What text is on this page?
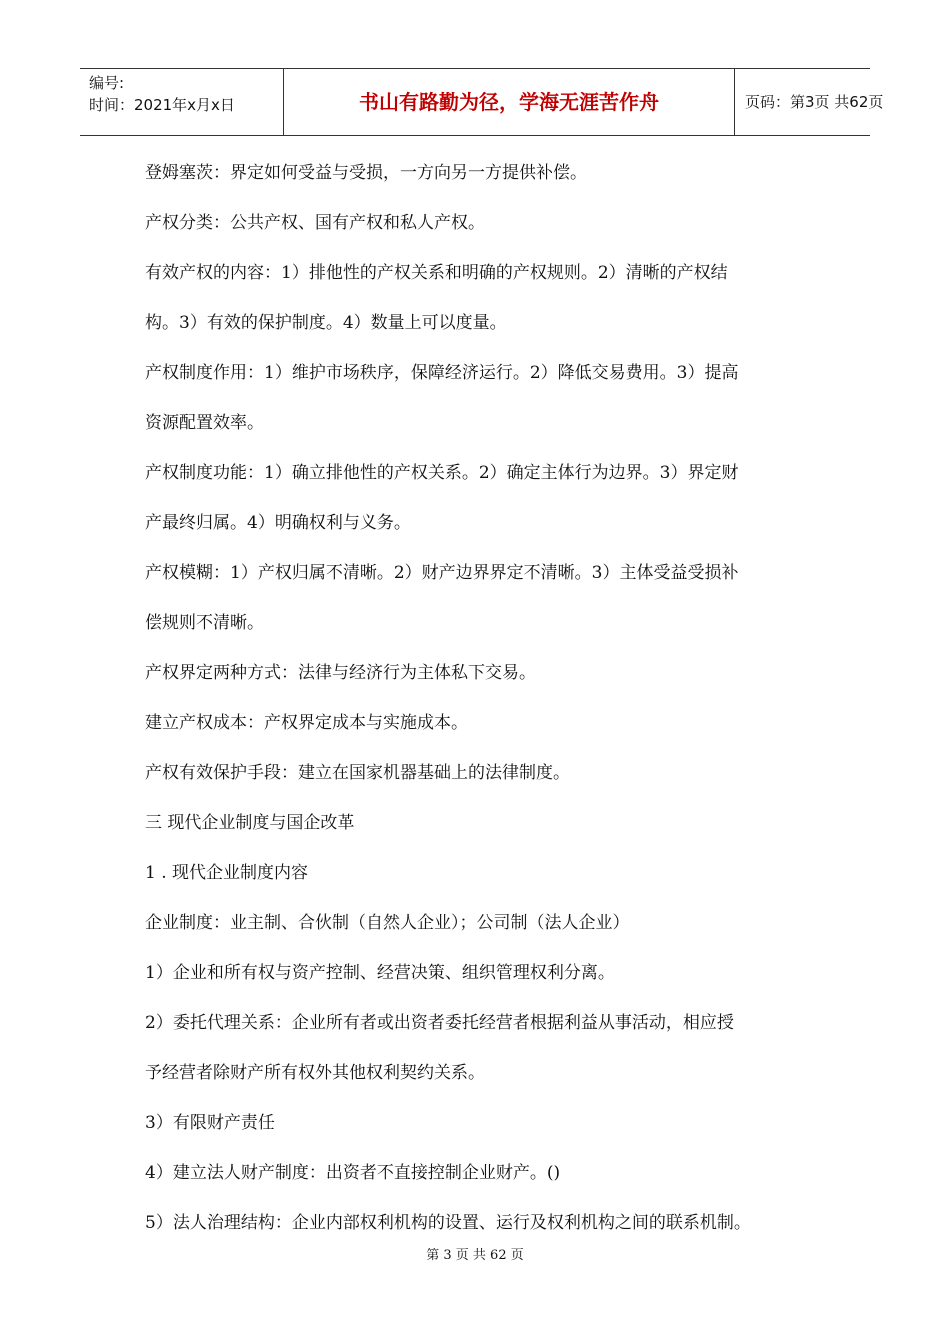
编号:
时间：2021年x月x日	书山有路勤为径，学海无涯苦作舟	页码：第3页 共62页
登姆塞茨：界定如何受益与受损，一方向另一方提供补偿。
产权分类：公共产权、国有产权和私人产权。
有效产权的内容：1）排他性的产权关系和明确的产权规则。2）清晰的产权结
构。3）有效的保护制度。4）数量上可以度量。
产权制度作用：1）维护市场秩序，保障经济运行。2）降低交易费用。3）提高
资源配置效率。
产权制度功能：1）确立排他性的产权关系。2）确定主体行为边界。3）界定财
产最终归属。4）明确权利与义务。
产权模糊：1）产权归属不清晰。2）财产边界界定不清晰。3）主体受益受损补
偿规则不清晰。
产权界定两种方式：法律与经济行为主体私下交易。
建立产权成本：产权界定成本与实施成本。
产权有效保护手段：建立在国家机器基础上的法律制度。
三 现代企业制度与国企改革
1 . 现代企业制度内容
企业制度：业主制、合伙制（自然人企业）；公司制（法人企业）
1）企业和所有权与资产控制、经营决策、组织管理权利分离。
2）委托代理关系：企业所有者或出资者委托经营者根据利益从事活动，相应授
予经营者除财产所有权外其他权利契约关系。
3）有限财产责任
4）建立法人财产制度：出资者不直接控制企业财产。()
5）法人治理结构：企业内部权利机构的设置、运行及权利机构之间的联系机制。
第 3 页 共 62 页
